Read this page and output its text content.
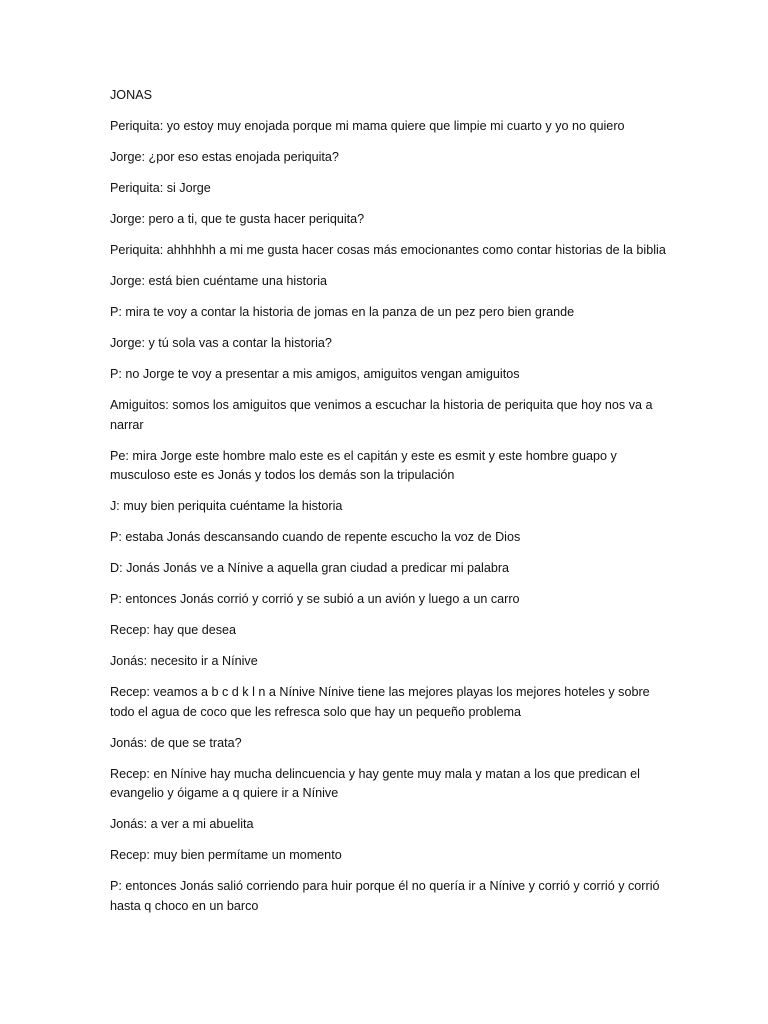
JONAS
Periquita: yo estoy muy enojada porque mi mama quiere que limpie mi cuarto y yo no quiero
Jorge: ¿por eso estas enojada periquita?
Periquita: si Jorge
Jorge: pero a ti, que te gusta hacer periquita?
Periquita: ahhhhhh a mi me gusta hacer cosas más emocionantes como contar historias de la biblia
Jorge: está bien cuéntame una historia
P: mira te voy a contar la historia de jomas en la panza de un pez pero bien grande
Jorge: y tú sola vas a contar la historia?
P: no Jorge te voy a presentar a mis amigos, amiguitos vengan amiguitos
Amiguitos: somos los amiguitos que venimos a escuchar la historia de periquita que hoy nos va a narrar
Pe: mira Jorge este hombre malo este es el capitán y este es esmit y este hombre guapo y musculoso este es Jonás y todos los demás son la tripulación
J: muy bien periquita cuéntame la historia
P: estaba Jonás descansando cuando de repente escucho la voz de Dios
D: Jonás Jonás ve a Nínive a aquella gran ciudad a predicar mi palabra
P: entonces Jonás corrió y corrió y se subió a un avión y luego a un carro
Recep: hay que desea
Jonás: necesito ir a Nínive
Recep: veamos a b c d k l n a Nínive Nínive tiene las mejores playas los mejores hoteles y sobre todo el agua de coco que les refresca solo que hay un pequeño problema
Jonás: de que se trata?
Recep: en Nínive hay mucha delincuencia y hay gente muy mala y matan a los que predican el evangelio y óigame a q quiere ir a Nínive
Jonás: a ver a mi abuelita
Recep: muy bien permítame un momento
P: entonces Jonás salió corriendo para huir porque él no quería ir a Nínive y corrió y corrió y corrió hasta q choco en un barco
